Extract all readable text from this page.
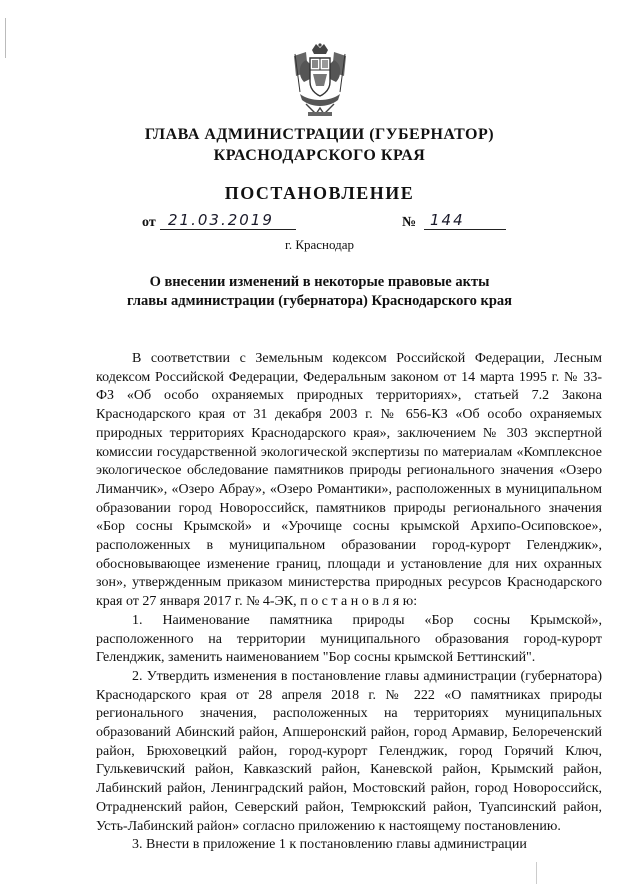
ГЛАВА АДМИНИСТРАЦИИ (ГУБЕРНАТОР)
КРАСНОДАРСКОГО КРАЯ
ПОСТАНОВЛЕНИЕ
от 21.03.2019	№ 144
г. Краснодар
О внесении изменений в некоторые правовые акты
главы администрации (губернатора) Краснодарского края

В соответствии с Земельным кодексом Российской Федерации, Лесным кодексом Российской Федерации, Федеральным законом от 14 марта 1995 г. № 33-ФЗ «Об особо охраняемых природных территориях», статьей 7.2 Закона Краснодарского края от 31 декабря 2003 г. № 656-КЗ «Об особо охраняемых природных территориях Краснодарского края», заключением № 303 экспертной комиссии государственной экологической экспертизы по материалам «Комплексное экологическое обследование памятников природы регионального значения «Озеро Лиманчик», «Озеро Абрау», «Озеро Романтики», расположенных в муниципальном образовании город Новороссийск, памятников природы регионального значения «Бор сосны Крымской» и «Урочище сосны крымской Архипо-Осиповское», расположенных в муниципальном образовании город-курорт Геленджик», обосновывающее изменение границ, площади и установление для них охранных зон», утвержденным приказом министерства природных ресурсов Краснодарского края от 27 января 2017 г. № 4-ЭК, п о с т а н о в л я ю:

1. Наименование памятника природы «Бор сосны Крымской», расположенного на территории муниципального образования город-курорт Геленджик, заменить наименованием "Бор сосны крымской Беттинский".

2. Утвердить изменения в постановление главы администрации (губернатора) Краснодарского края от 28 апреля 2018 г. № 222 «О памятниках природы регионального значения, расположенных на территориях муниципальных образований Абинский район, Апшеронский район, город Армавир, Белореченский район, Брюховецкий район, город-курорт Геленджик, город Горячий Ключ, Гулькевичский район, Кавказский район, Каневской район, Крымский район, Лабинский район, Ленинградский район, Мостовский район, город Новороссийск, Отрадненский район, Северский район, Темрюкский район, Туапсинский район, Усть-Лабинский район» согласно приложению к настоящему постановлению.

3. Внести в приложение 1 к постановлению главы администрации
